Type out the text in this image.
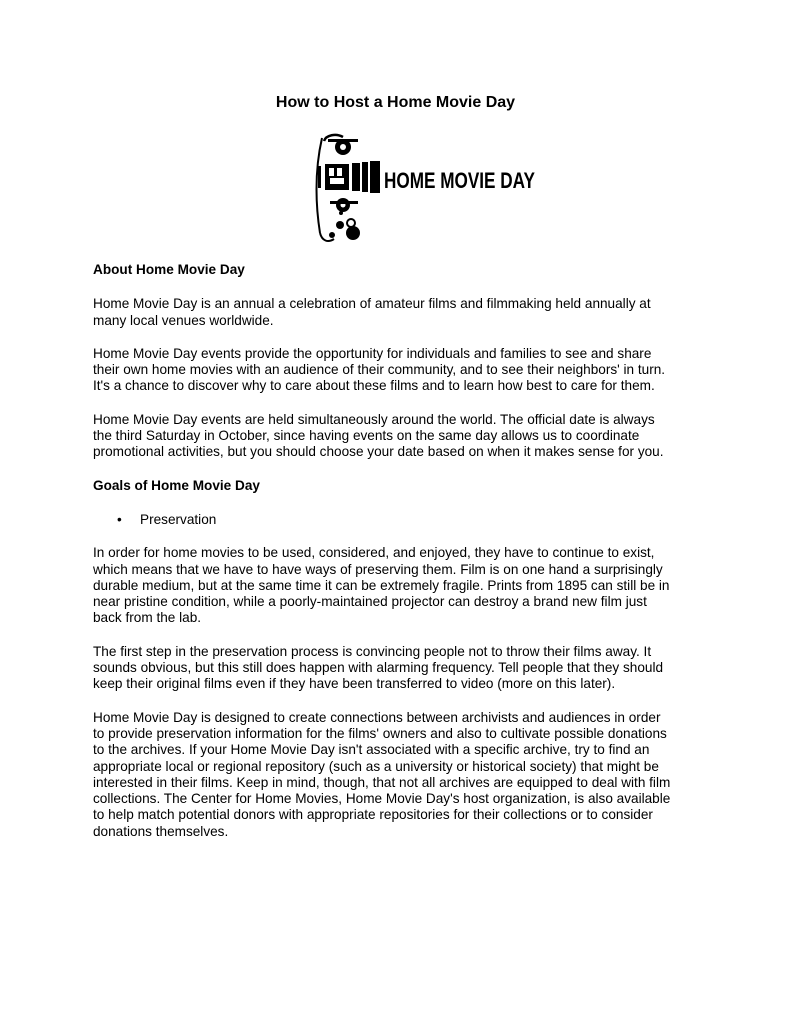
How to Host a Home Movie Day
HOME MOVIE DAY
About Home Movie Day

Home Movie Day is an annual a celebration of amateur films and filmmaking held annually at many local venues worldwide.

Home Movie Day events provide the opportunity for individuals and families to see and share their own home movies with an audience of their community, and to see their neighbors' in turn. It's a chance to discover why to care about these films and to learn how best to care for them.

Home Movie Day events are held simultaneously around the world. The official date is always the third Saturday in October, since having events on the same day allows us to coordinate promotional activities, but you should choose your date based on when it makes sense for you.

Goals of Home Movie Day
• Preservation

In order for home movies to be used, considered, and enjoyed, they have to continue to exist, which means that we have to have ways of preserving them. Film is on one hand a surprisingly durable medium, but at the same time it can be extremely fragile. Prints from 1895 can still be in near pristine condition, while a poorly-maintained projector can destroy a brand new film just back from the lab.

The first step in the preservation process is convincing people not to throw their films away. It sounds obvious, but this still does happen with alarming frequency. Tell people that they should keep their original films even if they have been transferred to video (more on this later).

Home Movie Day is designed to create connections between archivists and audiences in order to provide preservation information for the films' owners and also to cultivate possible donations to the archives. If your Home Movie Day isn't associated with a specific archive, try to find an appropriate local or regional repository (such as a university or historical society) that might be interested in their films. Keep in mind, though, that not all archives are equipped to deal with film collections. The Center for Home Movies, Home Movie Day's host organization, is also available to help match potential donors with appropriate repositories for their collections or to consider donations themselves.
